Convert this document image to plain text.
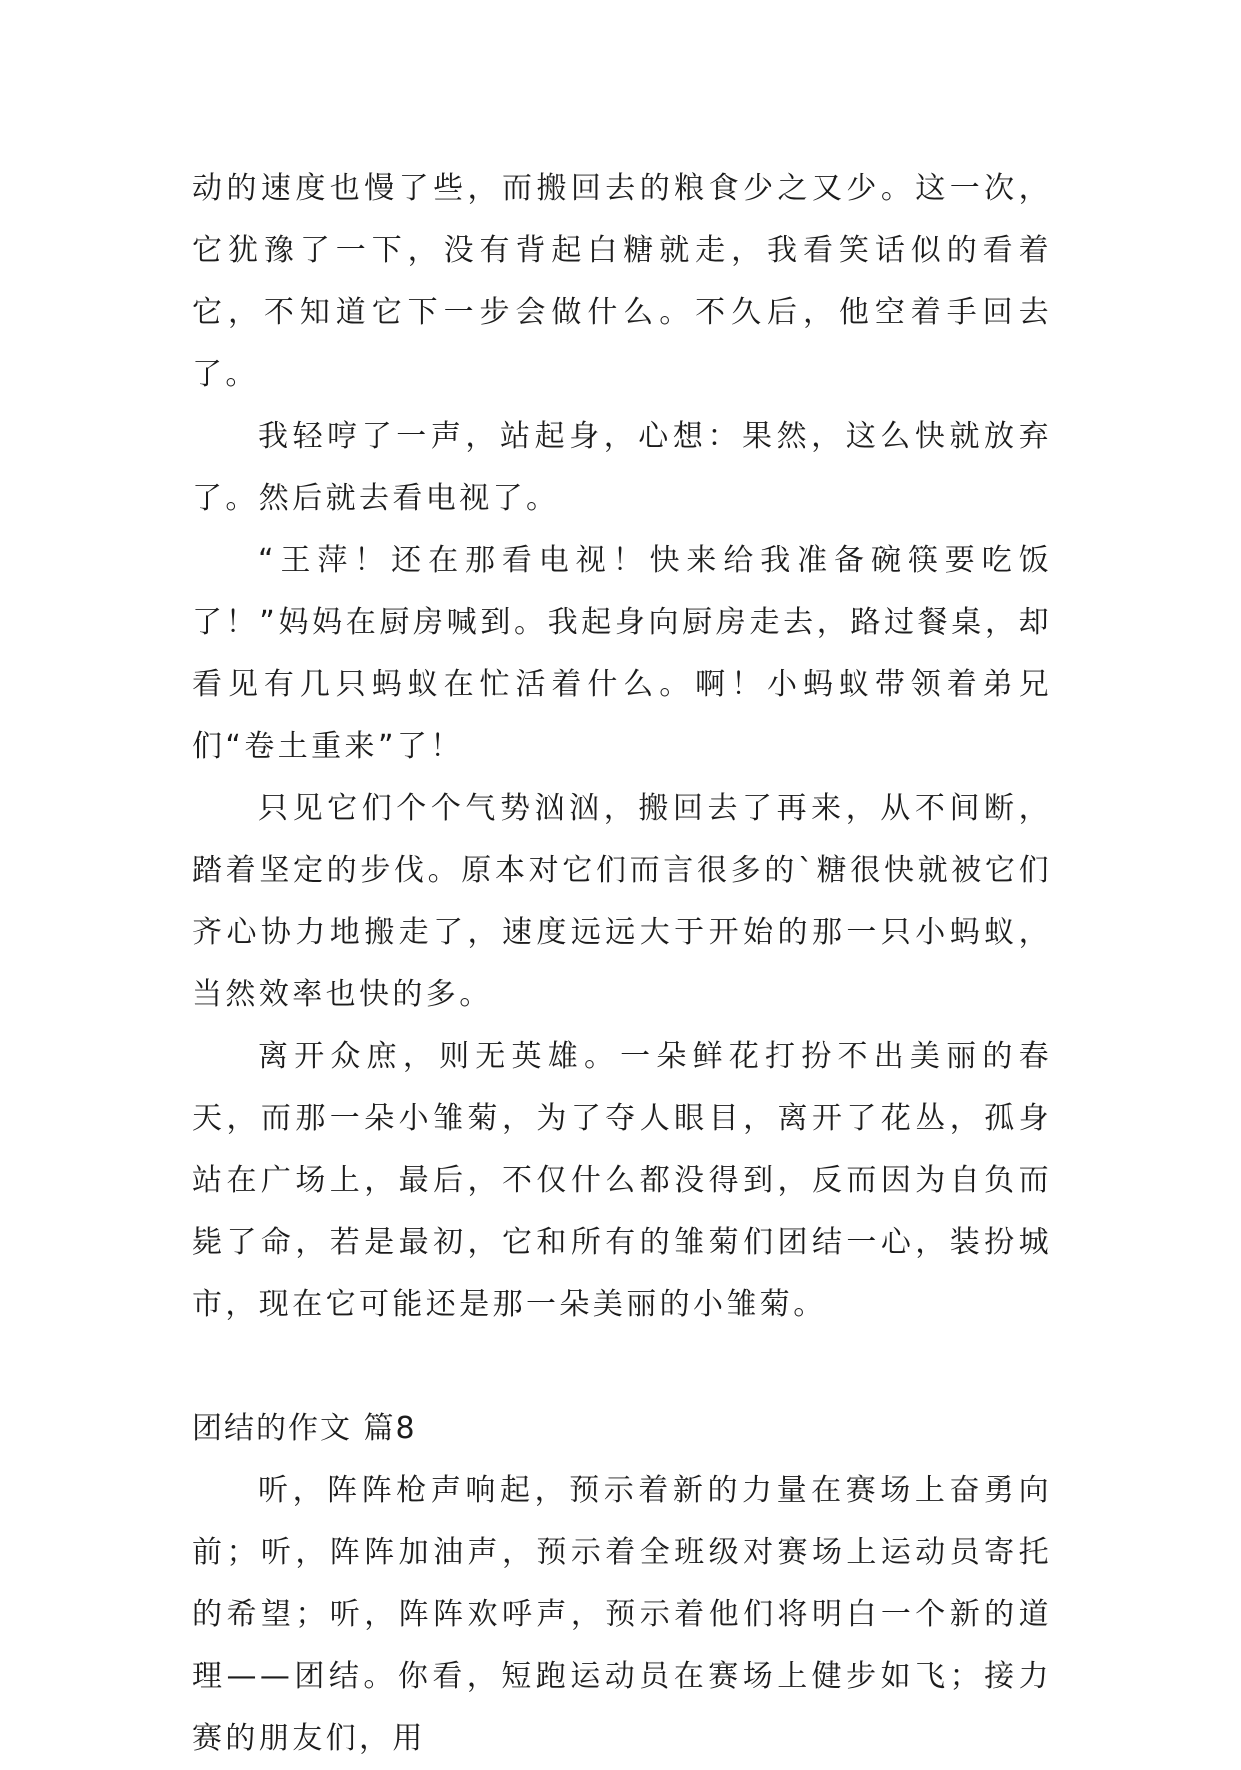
动的速度也慢了些，而搬回去的粮食少之又少。这一次，它犹豫了一下，没有背起白糖就走，我看笑话似的看着它，不知道它下一步会做什么。不久后，他空着手回去了。

我轻哼了一声，站起身，心想：果然，这么快就放弃了。然后就去看电视了。

“王萍！还在那看电视！快来给我准备碗筷要吃饭了！”妈妈在厨房喊到。我起身向厨房走去，路过餐桌，却看见有几只蚂蚁在忙活着什么。啊！小蚂蚁带领着弟兄们“卷土重来”了！

只见它们个个气势汹汹，搬回去了再来，从不间断，踏着坚定的步伐。原本对它们而言很多的`糖很快就被它们齐心协力地搬走了，速度远远大于开始的那一只小蚂蚁，当然效率也快的多。

离开众庶，则无英雄。一朵鲜花打扮不出美丽的春天，而那一朵小雏菊，为了夺人眼目，离开了花丛，孤身站在广场上，最后，不仅什么都没得到，反而因为自负而毙了命，若是最初，它和所有的雏菊们团结一心，装扮城市，现在它可能还是那一朵美丽的小雏菊。

团结的作文 篇8

听，阵阵枪声响起，预示着新的力量在赛场上奋勇向前；听，阵阵加油声，预示着全班级对赛场上运动员寄托的希望；听，阵阵欢呼声，预示着他们将明白一个新的道理——团结。你看，短跑运动员在赛场上健步如飞；接力赛的朋友们，用
